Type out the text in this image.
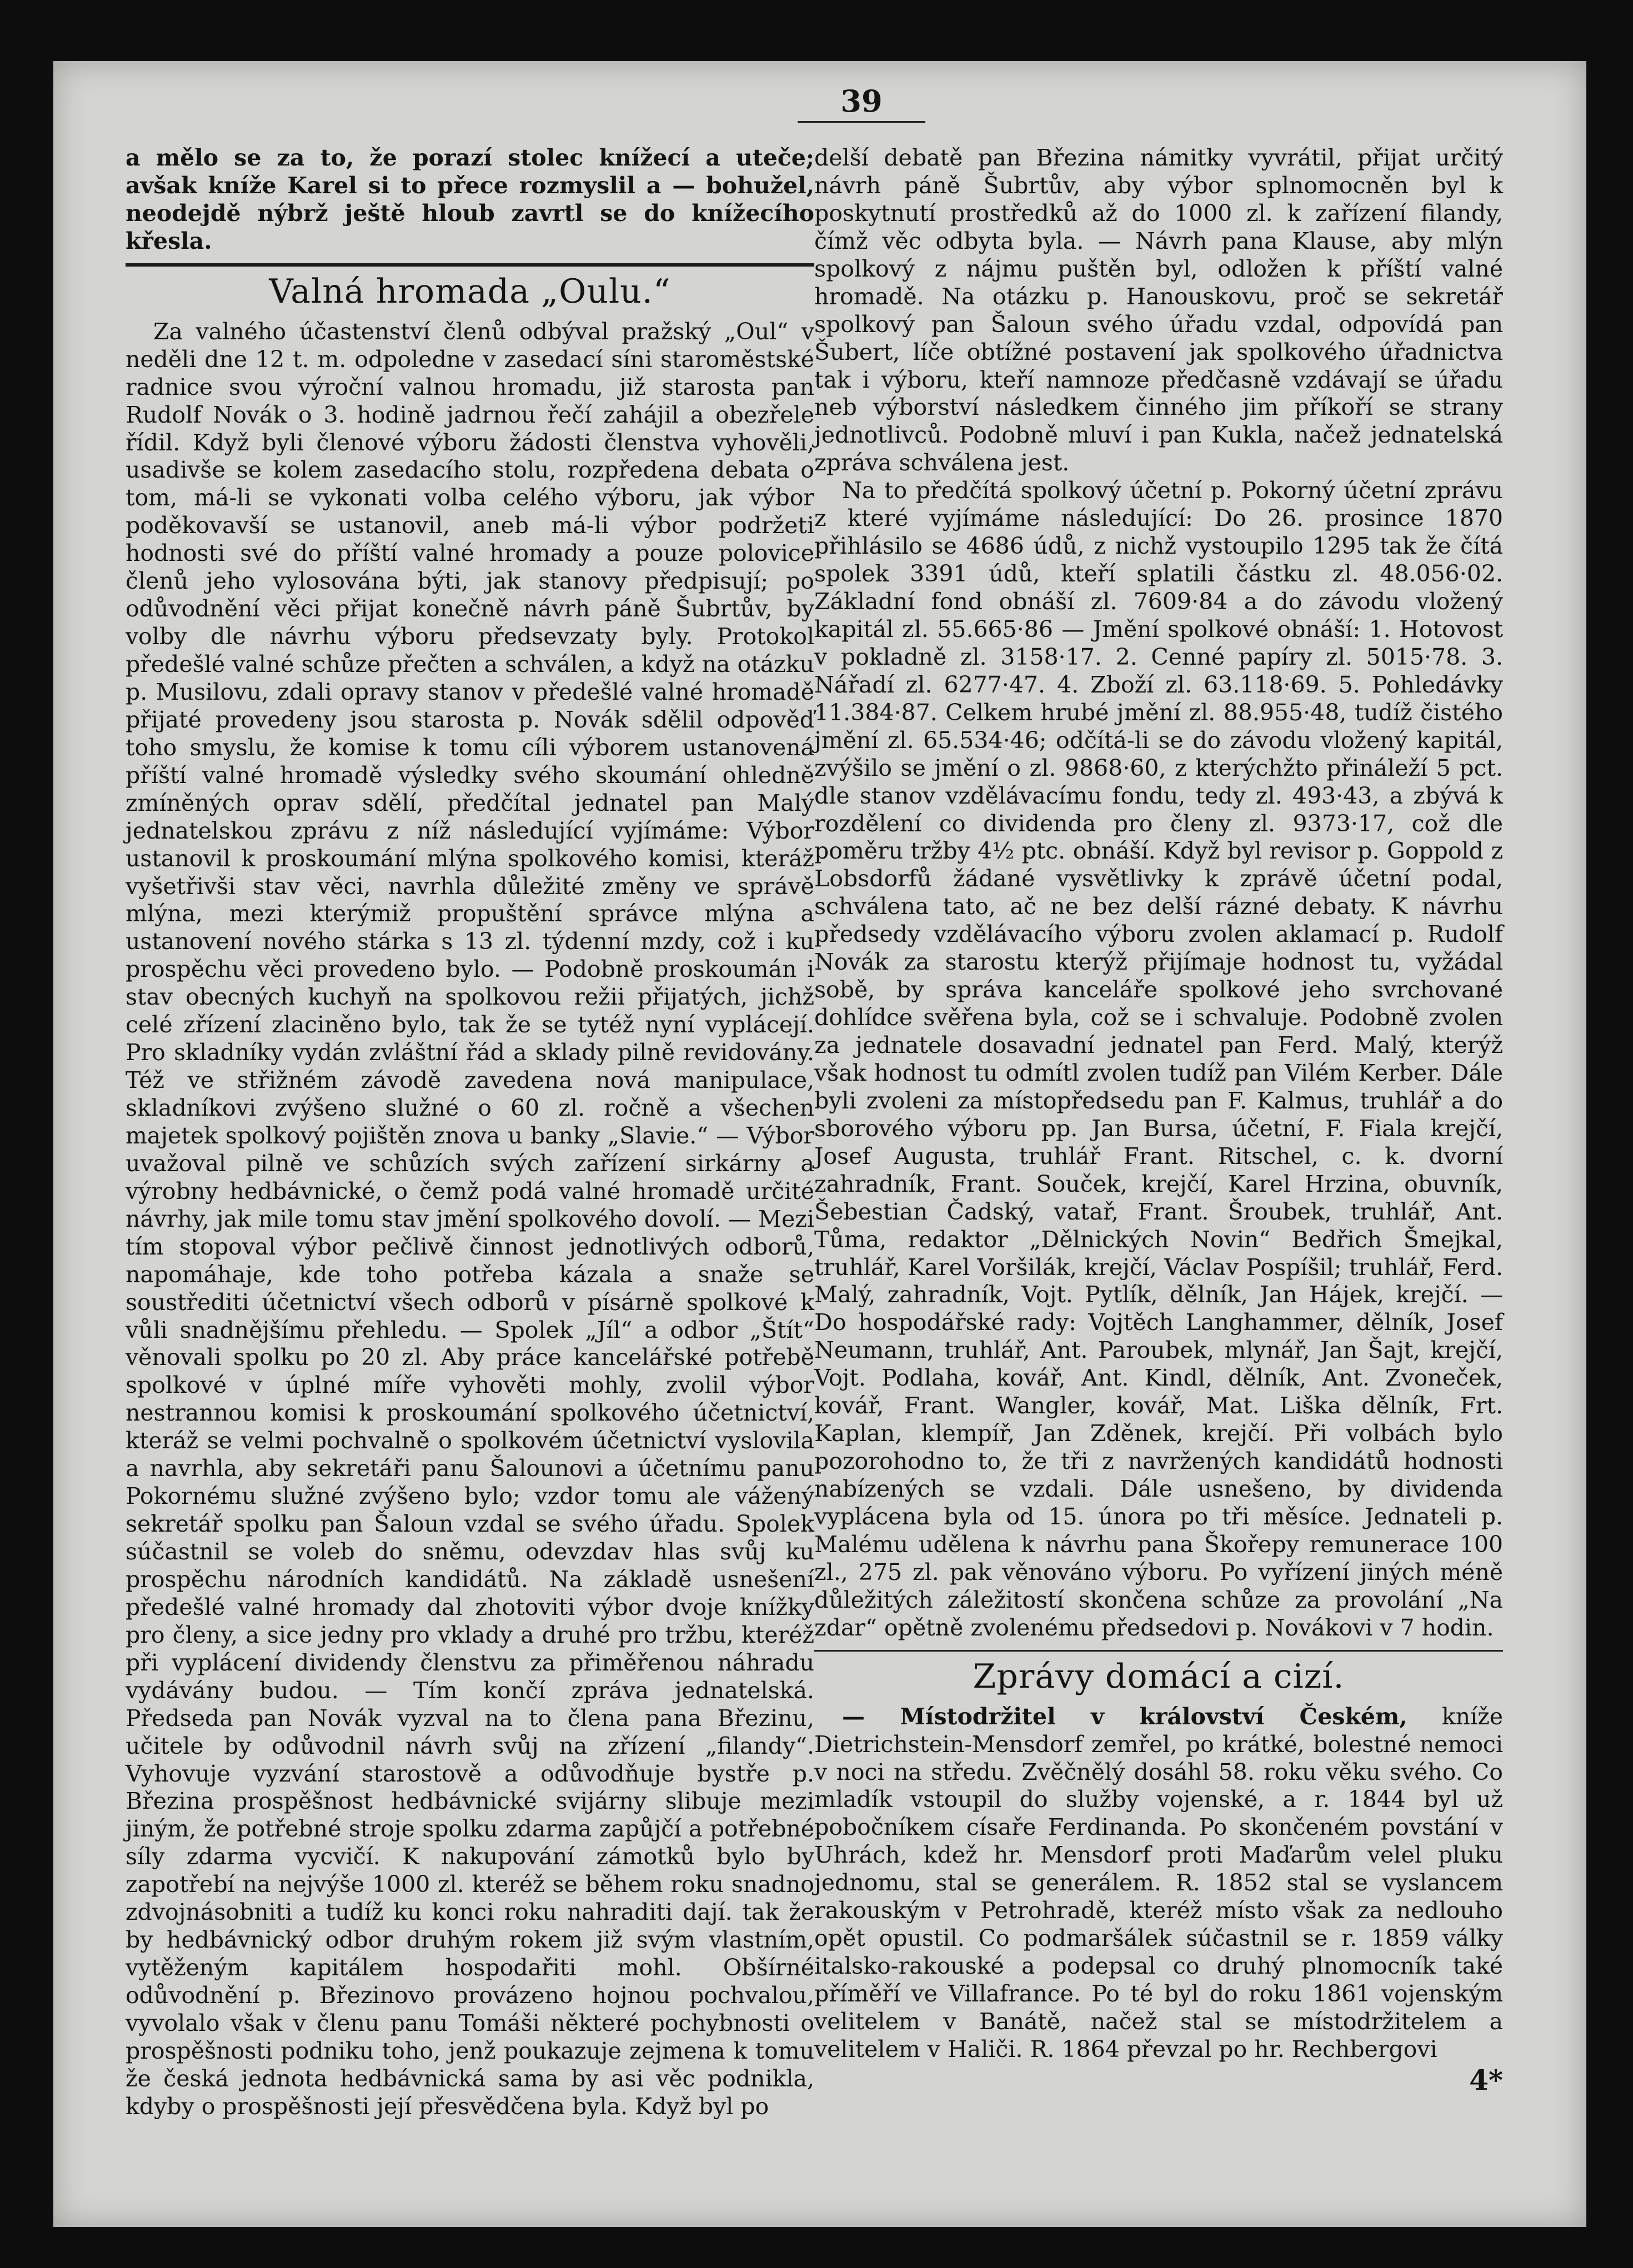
39

a mělo se za to, že porazí stolec knížecí a uteče; avšak kníže Karel si to přece rozmyslil a — bohužel, neodejdě nýbrž ještě hloub zavrtl se do knížecího křesla.

Valná hromada „Oulu.“

Za valného účastenství členů odbýval pražský „Oul“ v neděli dne 12 t. m. odpoledne v zasedací síni staroměstské radnice svou výroční valnou hromadu, již starosta pan Rudolf Novák o 3. hodině jadrnou řečí zahájil a obezřele řídil. Když byli členové výboru žádosti členstva vyhověli, usadivše se kolem zasedacího stolu, rozpředena debata o tom, má-li se vykonati volba celého výboru, jak výbor poděkovavší se ustanovil, aneb má-li výbor podržeti hodnosti své do příští valné hromady a pouze polovice členů jeho vylosována býti, jak stanovy předpisují; po odůvodnění věci přijat konečně návrh páně Šubrtův, by volby dle návrhu výboru předsevzaty byly. Protokol předešlé valné schůze přečten a schválen, a když na otázku p. Musilovu, zdali opravy stanov v předešlé valné hromadě přijaté provedeny jsou starosta p. Novák sdělil odpověď toho smyslu, že komise k tomu cíli výborem ustanovená příští valné hromadě výsledky svého skoumání ohledně zmíněných oprav sdělí, předčítal jednatel pan Malý jednatelskou zprávu z níž následující vyjímáme: Výbor ustanovil k proskoumání mlýna spolkového komisi, kteráž vyšetřivši stav věci, navrhla důležité změny ve správě mlýna, mezi kterýmiž propuštění správce mlýna a ustanovení nového stárka s 13 zl. týdenní mzdy, což i ku prospěchu věci provedeno bylo. — Podobně proskoumán i stav obecných kuchyň na spolkovou režii přijatých, jichž celé zřízení zlaciněno bylo, tak že se tytéž nyní vyplácejí. Pro skladníky vydán zvláštní řád a sklady pilně revidovány. Též ve střižném závodě zavedena nová manipulace, skladníkovi zvýšeno služné o 60 zl. ročně a všechen majetek spolkový pojištěn znova u banky „Slavie.“ — Výbor uvažoval pilně ve schůzích svých zařízení sirkárny a výrobny hedbávnické, o čemž podá valné hromadě určité návrhy, jak mile tomu stav jmění spolkového dovolí. — Mezi tím stopoval výbor pečlivě činnost jednotlivých odborů, napomáhaje, kde toho potřeba kázala a snaže se soustřediti účetnictví všech odborů v písárně spolkové k vůli snadnějšímu přehledu. — Spolek „Jíl“ a odbor „Štít“ věnovali spolku po 20 zl. Aby práce kancelářské potřebě spolkové v úplné míře vyhověti mohly, zvolil výbor nestrannou komisi k proskoumání spolkového účetnictví, kteráž se velmi pochvalně o spolkovém účetnictví vyslovila a navrhla, aby sekretáři panu Šalounovi a účetnímu panu Pokornému služné zvýšeno bylo; vzdor tomu ale vážený sekretář spolku pan Šaloun vzdal se svého úřadu. Spolek súčastnil se voleb do sněmu, odevzdav hlas svůj ku prospěchu národních kandidátů. Na základě usnešení předešlé valné hromady dal zhotoviti výbor dvoje knížky pro členy, a sice jedny pro vklady a druhé pro tržbu, kteréž při vyplácení dividendy členstvu za přiměřenou náhradu vydávány budou. — Tím končí zpráva jednatelská. Předseda pan Novák vyzval na to člena pana Březinu, učitele by odůvodnil návrh svůj na zřízení „filandy“. Vyhovuje vyzvání starostově a odůvodňuje bystře p. Březina prospěšnost hedbávnické svijárny slibuje mezi jiným, že potřebné stroje spolku zdarma zapůjčí a potřebné síly zdarma vycvičí. K nakupování zámotků bylo by zapotřebí na nejvýše 1000 zl. kteréž se během roku snadno zdvojnásobniti a tudíž ku konci roku nahraditi dají. tak že by hedbávnický odbor druhým rokem již svým vlastním, vytěženým kapitálem hospodařiti mohl. Obšírné odůvodnění p. Březinovo provázeno hojnou pochvalou, vyvolalo však v členu panu Tomáši některé pochybnosti o prospěšnosti podniku toho, jenž poukazuje zejmena k tomu že česká jednota hedbávnická sama by asi věc podnikla, kdyby o prospěšnosti její přesvědčena byla. Když byl po

delší debatě pan Březina námitky vyvrátil, přijat určitý návrh páně Šubrtův, aby výbor splnomocněn byl k poskytnutí prostředků až do 1000 zl. k zařízení filandy, čímž věc odbyta byla. — Návrh pana Klause, aby mlýn spolkový z nájmu puštěn byl, odložen k příští valné hromadě. Na otázku p. Hanouskovu, proč se sekretář spolkový pan Šaloun svého úřadu vzdal, odpovídá pan Šubert, líče obtížné postavení jak spolkového úřadnictva tak i výboru, kteří namnoze předčasně vzdávají se úřadu neb výborství následkem činného jim příkoří se strany jednotlivců. Podobně mluví i pan Kukla, načež jednatelská zpráva schválena jest.

Na to předčítá spolkový účetní p. Pokorný účetní zprávu z které vyjímáme následující: Do 26. prosince 1870 přihlásilo se 4686 údů, z nichž vystoupilo 1295 tak že čítá spolek 3391 údů, kteří splatili částku zl. 48.056·02. Základní fond obnáší zl. 7609·84 a do závodu vložený kapitál zl. 55.665·86 — Jmění spolkové obnáší: 1. Hotovost v pokladně zl. 3158·17. 2. Cenné papíry zl. 5015·78. 3. Nářadí zl. 6277·47. 4. Zboží zl. 63.118·69. 5. Pohledávky 11.384·87. Celkem hrubé jmění zl. 88.955·48, tudíž čistého jmění zl. 65.534·46; odčítá-li se do závodu vložený kapitál, zvýšilo se jmění o zl. 9868·60, z kterýchžto přináleží 5 pct. dle stanov vzdělávacímu fondu, tedy zl. 493·43, a zbývá k rozdělení co dividenda pro členy zl. 9373·17, což dle poměru tržby 4½ ptc. obnáší. Když byl revisor p. Goppold z Lobsdorfů žádané vysvětlivky k zprávě účetní podal, schválena tato, ač ne bez delší rázné debaty. K návrhu předsedy vzdělávacího výboru zvolen aklamací p. Rudolf Novák za starostu kterýž přijímaje hodnost tu, vyžádal sobě, by správa kanceláře spolkové jeho svrchované dohlídce svěřena byla, což se i schvaluje. Podobně zvolen za jednatele dosavadní jednatel pan Ferd. Malý, kterýž však hodnost tu odmítl zvolen tudíž pan Vilém Kerber. Dále byli zvoleni za místopředsedu pan F. Kalmus, truhlář a do sborového výboru pp. Jan Bursa, účetní, F. Fiala krejčí, Josef Augusta, truhlář Frant. Ritschel, c. k. dvorní zahradník, Frant. Souček, krejčí, Karel Hrzina, obuvník, Šebestian Čadský, vatař, Frant. Šroubek, truhlář, Ant. Tůma, redaktor „Dělnických Novin“ Bedřich Šmejkal, truhlář, Karel Voršilák, krejčí, Václav Pospíšil; truhlář, Ferd. Malý, zahradník, Vojt. Pytlík, dělník, Jan Hájek, krejčí. — Do hospodářské rady: Vojtěch Langhammer, dělník, Josef Neumann, truhlář, Ant. Paroubek, mlynář, Jan Šajt, krejčí, Vojt. Podlaha, kovář, Ant. Kindl, dělník, Ant. Zvoneček, kovář, Frant. Wangler, kovář, Mat. Liška dělník, Frt. Kaplan, klempíř, Jan Zděnek, krejčí. Při volbách bylo pozorohodno to, že tři z navržených kandidátů hodnosti nabízených se vzdali. Dále usnešeno, by dividenda vyplácena byla od 15. února po tři měsíce. Jednateli p. Malému udělena k návrhu pana Škořepy remunerace 100 zl., 275 zl. pak věnováno výboru. Po vyřízení jiných méně důležitých záležitostí skončena schůze za provolání „Na zdar“ opětně zvolenému předsedovi p. Novákovi v 7 hodin.

Zprávy domácí a cizí.

— Místodržitel v království Českém, kníže Dietrichstein-Mensdorf zemřel, po krátké, bolestné nemoci v noci na středu. Zvěčnělý dosáhl 58. roku věku svého. Co mladík vstoupil do služby vojenské, a r. 1844 byl už pobočníkem císaře Ferdinanda. Po skončeném povstání v Uhrách, kdež hr. Mensdorf proti Maďarům velel pluku jednomu, stal se generálem. R. 1852 stal se vyslancem rakouským v Petrohradě, kteréž místo však za nedlouho opět opustil. Co podmaršálek súčastnil se r. 1859 války italsko-rakouské a podepsal co druhý plnomocník také příměří ve Villafrance. Po té byl do roku 1861 vojenským velitelem v Banátě, načež stal se místodržitelem a velitelem v Haliči. R. 1864 převzal po hr. Rechbergovi

4*
